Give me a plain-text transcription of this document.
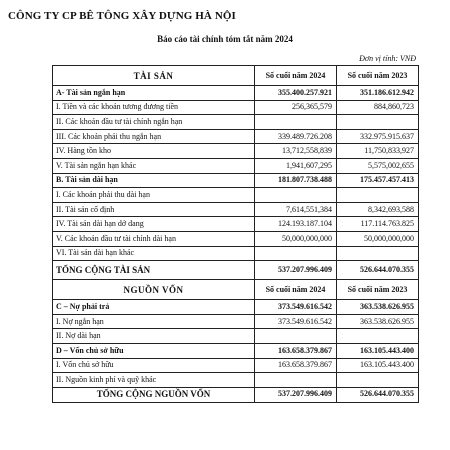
CÔNG TY CP BÊ TÔNG XÂY DỰNG HÀ NỘI
Báo cáo tài chính tóm tắt năm 2024
Đơn vị tính: VNĐ
TÀI SẢN	Số cuối năm 2024	Số cuối năm 2023
A- Tài sản ngắn hạn	355.400.257.921	351.186.612.942
I. Tiền và các khoản tương đương tiền	256,365,579	884,860,723
II. Các khoản đầu tư tài chính ngắn hạn		
III. Các khoản phải thu ngắn hạn	339.489.726.208	332.975.915.637
IV. Hàng tồn kho	13,712,558,839	11,750,833,927
V. Tài sản ngắn hạn khác	1,941,607,295	5,575,002,655
B. Tài sản dài hạn	181.807.738.488	175.457.457.413
I. Các khoản phải thu dài hạn		
II. Tài sản cố định	7,614,551,384	8,342,693,588
IV. Tài sản dài hạn dở dang	124.193.187.104	117.114.763.825
V. Các khoản đầu tư tài chính dài hạn	50,000,000,000	50,000,000,000
VI. Tài sản dài hạn khác		
TỔNG CỘNG TÀI SẢN	537.207.996.409	526.644.070.355
NGUỒN VỐN	Số cuối năm 2024	Số cuối năm 2023
C – Nợ phải trả	373.549.616.542	363.538.626.955
I. Nợ ngắn hạn	373.549.616.542	363.538.626.955
II. Nợ dài hạn		
D – Vốn chủ sở hữu	163.658.379.867	163.105.443.400
I. Vốn chủ sở hữu	163.658.379.867	163.105.443.400
II. Nguồn kinh phí và quỹ khác		
TỔNG CỘNG NGUỒN VỐN	537.207.996.409	526.644.070.355
